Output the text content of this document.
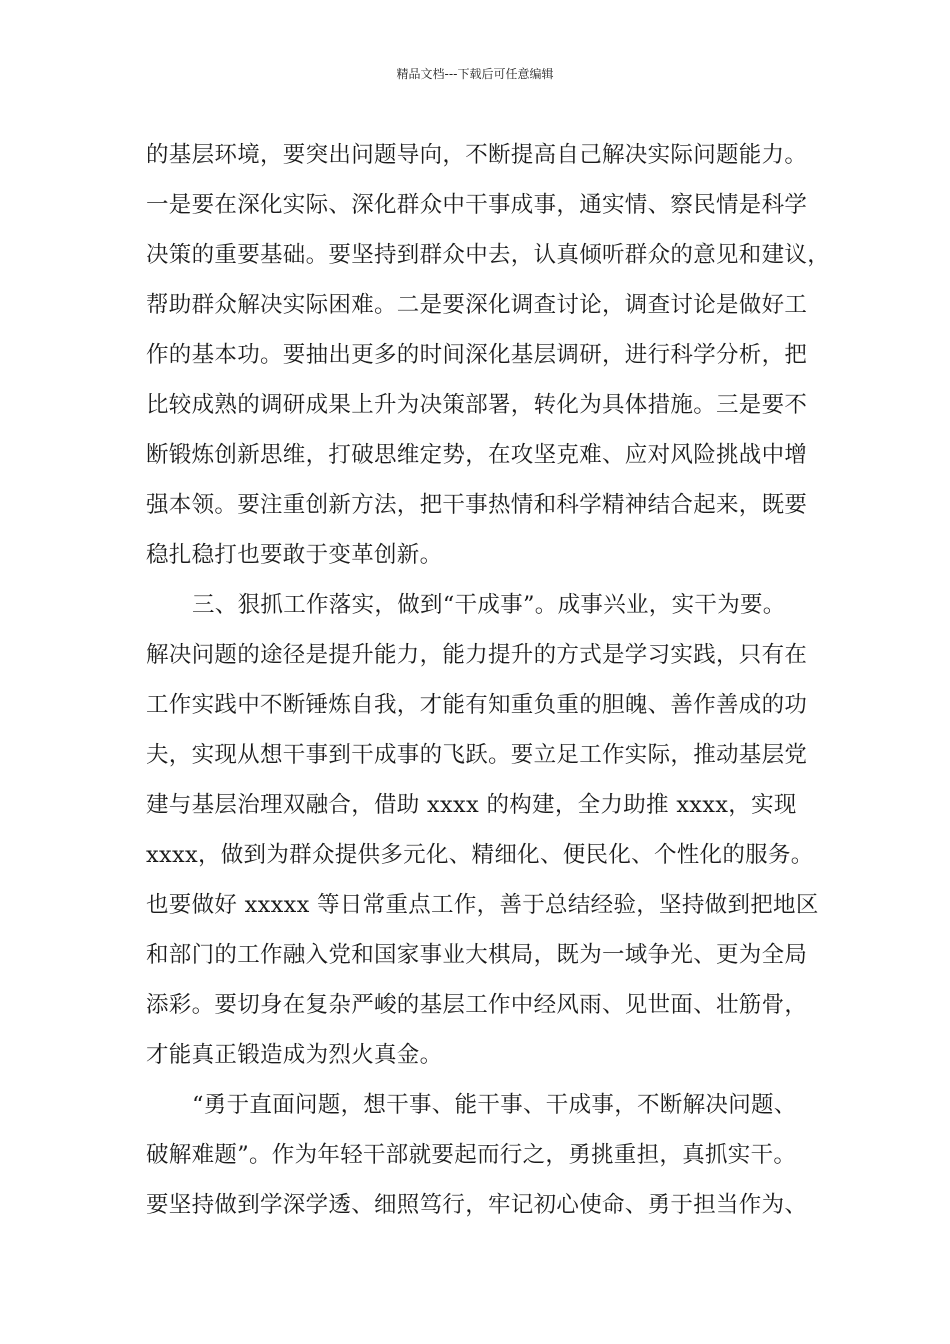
精品文档---下载后可任意编辑
的基层环境，要突出问题导向，不断提高自己解决实际问题能力。
一是要在深化实际、深化群众中干事成事，通实情、察民情是科学
决策的重要基础。要坚持到群众中去，认真倾听群众的意见和建议，
帮助群众解决实际困难。二是要深化调查讨论，调查讨论是做好工
作的基本功。要抽出更多的时间深化基层调研，进行科学分析，把
比较成熟的调研成果上升为决策部署，转化为具体措施。三是要不
断锻炼创新思维，打破思维定势，在攻坚克难、应对风险挑战中增
强本领。要注重创新方法，把干事热情和科学精神结合起来，既要
稳扎稳打也要敢于变革创新。
三、狠抓工作落实，做到“干成事”。成事兴业，实干为要。
解决问题的途径是提升能力，能力提升的方式是学习实践，只有在
工作实践中不断锤炼自我，才能有知重负重的胆魄、善作善成的功
夫，实现从想干事到干成事的飞跃。要立足工作实际，推动基层党
建与基层治理双融合，借助 xxxx 的构建，全力助推 xxxx，实现
xxxx，做到为群众提供多元化、精细化、便民化、个性化的服务。
也要做好 xxxxx 等日常重点工作，善于总结经验，坚持做到把地区
和部门的工作融入党和国家事业大棋局，既为一域争光、更为全局
添彩。要切身在复杂严峻的基层工作中经风雨、见世面、壮筋骨，
才能真正锻造成为烈火真金。
“勇于直面问题，想干事、能干事、干成事，不断解决问题、
破解难题”。作为年轻干部就要起而行之，勇挑重担，真抓实干。
要坚持做到学深学透、细照笃行，牢记初心使命、勇于担当作为、
